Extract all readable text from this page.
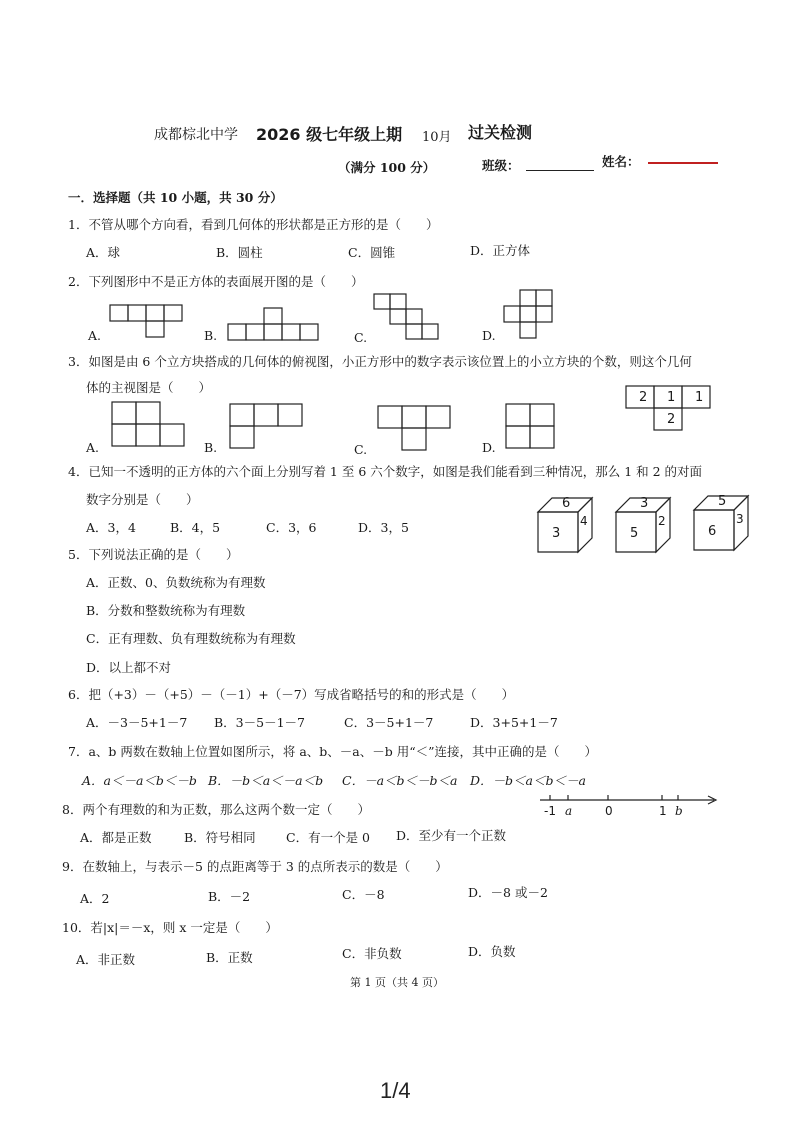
成都棕北中学 2026 级七年级上期 10月 过关检测
（满分 100 分）	班级：	姓名：
一．选择题（共 10 小题，共 30 分）
1．不管从哪个方向看，看到几何体的形状都是正方形的是（　　）
A．球	B．圆柱	C．圆锥	D．正方体
2．下列图形中不是正方体的表面展开图的是（　　）
A.	B.	C.	D.
3．如图是由 6 个立方块搭成的几何体的俯视图，小正方形中的数字表示该位置上的小立方块的个数，则这个几何
体的主视图是（　　）
2 1 1
2
A.	B.	C.	D.
4．已知一不透明的正方体的六个面上分别写着 1 至 6 六个数字，如图是我们能看到三种情况，那么 1 和 2 的对面
数字分别是（　　）
A．3，4	B．4，5	C．3，6	D．3，5
6
3
4
3
5
2
5
6
3
5．下列说法正确的是（　　）
A．正数、0、负数统称为有理数
B．分数和整数统称为有理数
C．正有理数、负有理数统称为有理数
D．以上都不对
6．把（+3）－（+5）－（－1）+（－7）写成省略括号的和的形式是（　　）
A．－3－5+1－7 B．3－5－1－7	C．3－5+1－7	D．3+5+1－7
7．a、b 两数在数轴上位置如图所示，将 a、b、－a、－b 用“＜”连接，其中正确的是（　　）
A．a＜－a＜b＜－b B．－b＜a＜－a＜b C．－a＜b＜－b＜a D．－b＜a＜b＜－a
-1 a	0	1 b
8．两个有理数的和为正数，那么这两个数一定（　　）
A．都是正数	B．符号相同 C．有一个是 0 D．至少有一个正数
9．在数轴上，与表示－5 的点距离等于 3 的点所表示的数是（　　）
A．2	B．－2	C．－8	D．－8 或－2
10．若|x|＝－x，则 x 一定是（　　）
A．非正数	B．正数	C．非负数	D．负数
第 1 页（共 4 页）
1/4
